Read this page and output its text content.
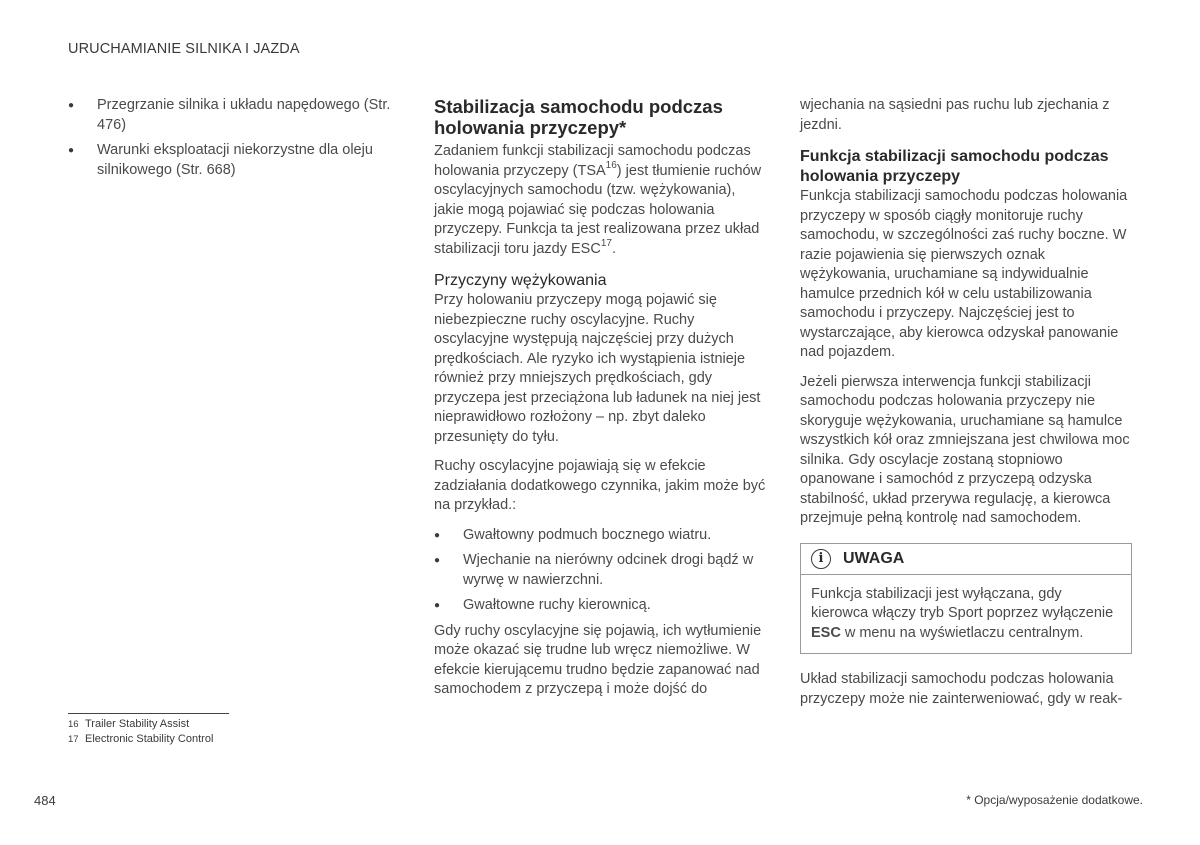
URUCHAMIANIE SILNIKA I JAZDA
● Przegrzanie silnika i układu napędowego (Str. 476)
● Warunki eksploatacji niekorzystne dla oleju silnikowego (Str. 668)
Stabilizacja samochodu podczas holowania przyczepy*

Zadaniem funkcji stabilizacji samochodu podczas holowania przyczepy (TSA$^{16}$) jest tłumienie ruchów oscylacyjnych samochodu (tzw. wężykowania), jakie mogą pojawiać się podczas holowania przyczepy. Funkcja ta jest realizowana przez układ stabilizacji toru jazdy ESC$^{17}$.

Przyczyny wężykowania

Przy holowaniu przyczepy mogą pojawić się niebezpieczne ruchy oscylacyjne. Ruchy oscylacyjne występują najczęściej przy dużych prędkościach. Ale ryzyko ich wystąpienia istnieje również przy mniejszych prędkościach, gdy przyczepa jest przeciążona lub ładunek na niej jest nieprawidłowo rozłożony – np. zbyt daleko przesunięty do tyłu.

Ruchy oscylacyjne pojawiają się w efekcie zadziałania dodatkowego czynnika, jakim może być na przykład.:

● Gwałtowny podmuch bocznego wiatru.
● Wjechanie na nierówny odcinek drogi bądź w wyrwę w nawierzchni.
● Gwałtowne ruchy kierownicą.

Gdy ruchy oscylacyjne się pojawią, ich wytłumienie może okazać się trudne lub wręcz niemożliwe. W efekcie kierującemu trudno będzie zapanować nad samochodem z przyczepą i może dojść do

wjechania na sąsiedni pas ruchu lub zjechania z jezdni.

Funkcja stabilizacji samochodu podczas holowania przyczepy

Funkcja stabilizacji samochodu podczas holowania przyczepy w sposób ciągły monitoruje ruchy samochodu, w szczególności zaś ruchy boczne. W razie pojawienia się pierwszych oznak wężykowania, uruchamiane są indywidualnie hamulce przednich kół w celu ustabilizowania samochodu i przyczepy. Najczęściej jest to wystarczające, aby kierowca odzyskał panowanie nad pojazdem.

Jeżeli pierwsza interwencja funkcji stabilizacji samochodu podczas holowania przyczepy nie skoryguje wężykowania, uruchamiane są hamulce wszystkich kół oraz zmniejszana jest chwilowa moc silnika. Gdy oscylacje zostaną stopniowo opanowane i samochód z przyczepą odzyska stabilność, układ przerywa regulację, a kierowca przejmuje pełną kontrolę nad samochodem.

i	UWAGA
Funkcja stabilizacji jest wyłączana, gdy kierowca włączy tryb Sport poprzez wyłączenie ESC w menu na wyświetlaczu centralnym.

Układ stabilizacji samochodu podczas holowania przyczepy może nie zainterweniować, gdy w reak-

16 Trailer Stability Assist
17 Electronic Stability Control
484	* Opcja/wyposażenie dodatkowe.
